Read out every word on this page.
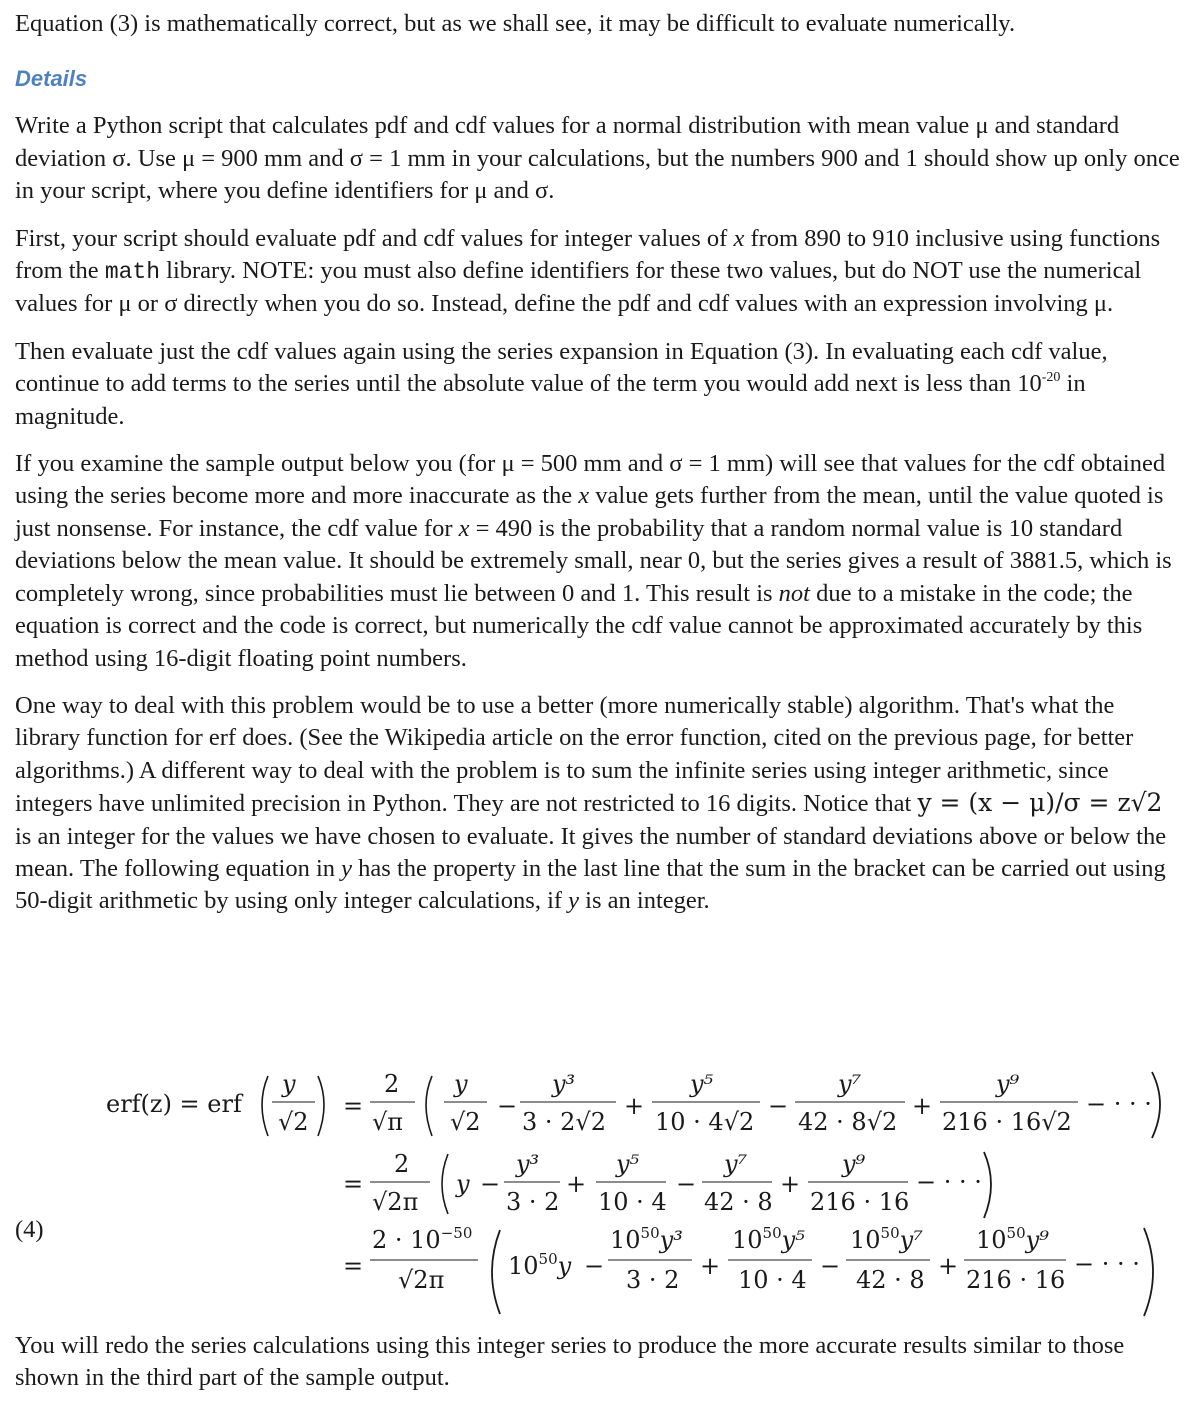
Equation (3) is mathematically correct, but as we shall see, it may be difficult to evaluate numerically.

Details

Write a Python script that calculates pdf and cdf values for a normal distribution with mean value μ and standard deviation σ. Use μ = 900 mm and σ = 1 mm in your calculations, but the numbers 900 and 1 should show up only once in your script, where you define identifiers for μ and σ.

First, your script should evaluate pdf and cdf values for integer values of x from 890 to 910 inclusive using functions from the math library. NOTE: you must also define identifiers for these two values, but do NOT use the numerical values for μ or σ directly when you do so. Instead, define the pdf and cdf values with an expression involving μ.

Then evaluate just the cdf values again using the series expansion in Equation (3). In evaluating each cdf value, continue to add terms to the series until the absolute value of the term you would add next is less than $10^{-20}$ in magnitude.

If you examine the sample output below you (for μ = 500 mm and σ = 1 mm) will see that values for the cdf obtained using the series become more and more inaccurate as the x value gets further from the mean, until the value quoted is just nonsense. For instance, the cdf value for x = 490 is the probability that a random normal value is 10 standard deviations below the mean value. It should be extremely small, near 0, but the series gives a result of 3881.5, which is completely wrong, since probabilities must lie between 0 and 1. This result is not due to a mistake in the code; the equation is correct and the code is correct, but numerically the cdf value cannot be approximated accurately by this method using 16-digit floating point numbers.

One way to deal with this problem would be to use a better (more numerically stable) algorithm. That's what the library function for erf does. (See the Wikipedia article on the error function, cited on the previous page, for better algorithms.) A different way to deal with the problem is to sum the infinite series using integer arithmetic, since integers have unlimited precision in Python. They are not restricted to 16 digits. Notice that y = (x − μ)/σ = z√2 is an integer for the values we have chosen to evaluate. It gives the number of standard deviations above or below the mean. The following equation in y has the property in the last line that the sum in the bracket can be carried out using 50-digit arithmetic by using only integer calculations, if y is an integer.

erf(z) = erf
y
√2
=
2
√π
y
√2
−
y³
3 · 2√2
+
y⁵
10 · 4√2
−
y⁷
42 · 8√2
+
y⁹
216 · 16√2
− · · ·
=
2
√2π
y −
y³
3 · 2
+
y⁵
10 · 4
−
y⁷
42 · 8
+
y⁹
216 · 16
− · · ·
=
$2 \cdot 10^{-50}$
√2π	$10^{50}y$ −
$10^{50}y^3$
3 · 2 +
$10^{50}y^5$
10 · 4 −
$10^{50}y^7$
42 · 8 +
$10^{50}y^9$
216 · 16
− · · ·
(4)

You will redo the series calculations using this integer series to produce the more accurate results similar to those shown in the third part of the sample output.
